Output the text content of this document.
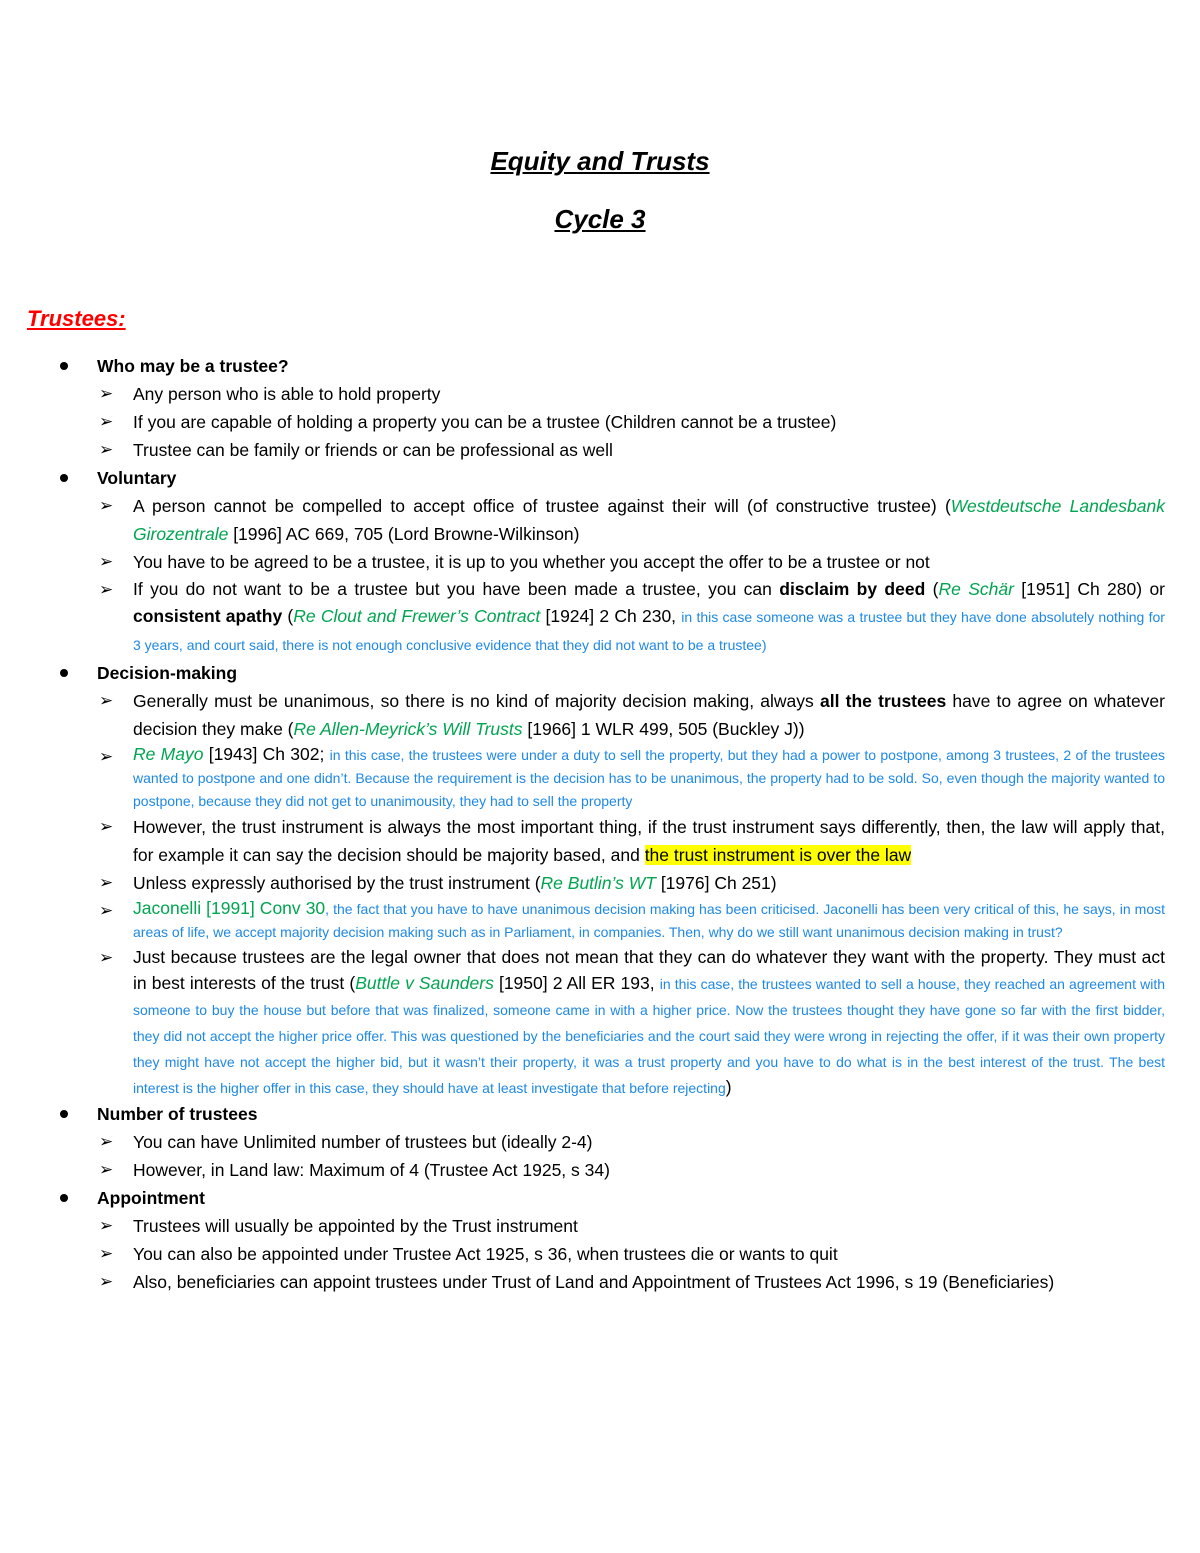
Equity and Trusts
Cycle 3
Trustees:
Who may be a trustee?
➢ Any person who is able to hold property
➢ If you are capable of holding a property you can be a trustee (Children cannot be a trustee)
➢ Trustee can be family or friends or can be professional as well
Voluntary
➢ A person cannot be compelled to accept office of trustee against their will (of constructive trustee) (Westdeutsche Landesbank Girozentrale [1996] AC 669, 705 (Lord Browne-Wilkinson)
➢ You have to be agreed to be a trustee, it is up to you whether you accept the offer to be a trustee or not
➢ If you do not want to be a trustee but you have been made a trustee, you can disclaim by deed (Re Schär [1951] Ch 280) or consistent apathy (Re Clout and Frewer’s Contract [1924] 2 Ch 230, in this case someone was a trustee but they have done absolutely nothing for 3 years, and court said, there is not enough conclusive evidence that they did not want to be a trustee)
Decision-making
➢ Generally must be unanimous, so there is no kind of majority decision making, always all the trustees have to agree on whatever decision they make (Re Allen-Meyrick’s Will Trusts [1966] 1 WLR 499, 505 (Buckley J))
➢ Re Mayo [1943] Ch 302; in this case, the trustees were under a duty to sell the property, but they had a power to postpone, among 3 trustees, 2 of the trustees wanted to postpone and one didn’t. Because the requirement is the decision has to be unanimous, the property had to be sold. So, even though the majority wanted to postpone, because they did not get to unanimousity, they had to sell the property
➢ However, the trust instrument is always the most important thing, if the trust instrument says differently, then, the law will apply that, for example it can say the decision should be majority based, and the trust instrument is over the law
➢ Unless expressly authorised by the trust instrument (Re Butlin’s WT [1976] Ch 251)
➢ Jaconelli [1991] Conv 30, the fact that you have to have unanimous decision making has been criticised. Jaconelli has been very critical of this, he says, in most areas of life, we accept majority decision making such as in Parliament, in companies. Then, why do we still want unanimous decision making in trust?
➢ Just because trustees are the legal owner that does not mean that they can do whatever they want with the property. They must act in best interests of the trust (Buttle v Saunders [1950] 2 All ER 193, in this case, the trustees wanted to sell a house, they reached an agreement with someone to buy the house but before that was finalized, someone came in with a higher price. Now the trustees thought they have gone so far with the first bidder, they did not accept the higher price offer. This was questioned by the beneficiaries and the court said they were wrong in rejecting the offer, if it was their own property they might have not accept the higher bid, but it wasn’t their property, it was a trust property and you have to do what is in the best interest of the trust. The best interest is the higher offer in this case, they should have at least investigate that before rejecting)
Number of trustees
➢ You can have Unlimited number of trustees but (ideally 2-4)
➢ However, in Land law: Maximum of 4 (Trustee Act 1925, s 34)
Appointment
➢ Trustees will usually be appointed by the Trust instrument
➢ You can also be appointed under Trustee Act 1925, s 36, when trustees die or wants to quit
➢ Also, beneficiaries can appoint trustees under Trust of Land and Appointment of Trustees Act 1996, s 19 (Beneficiaries)
